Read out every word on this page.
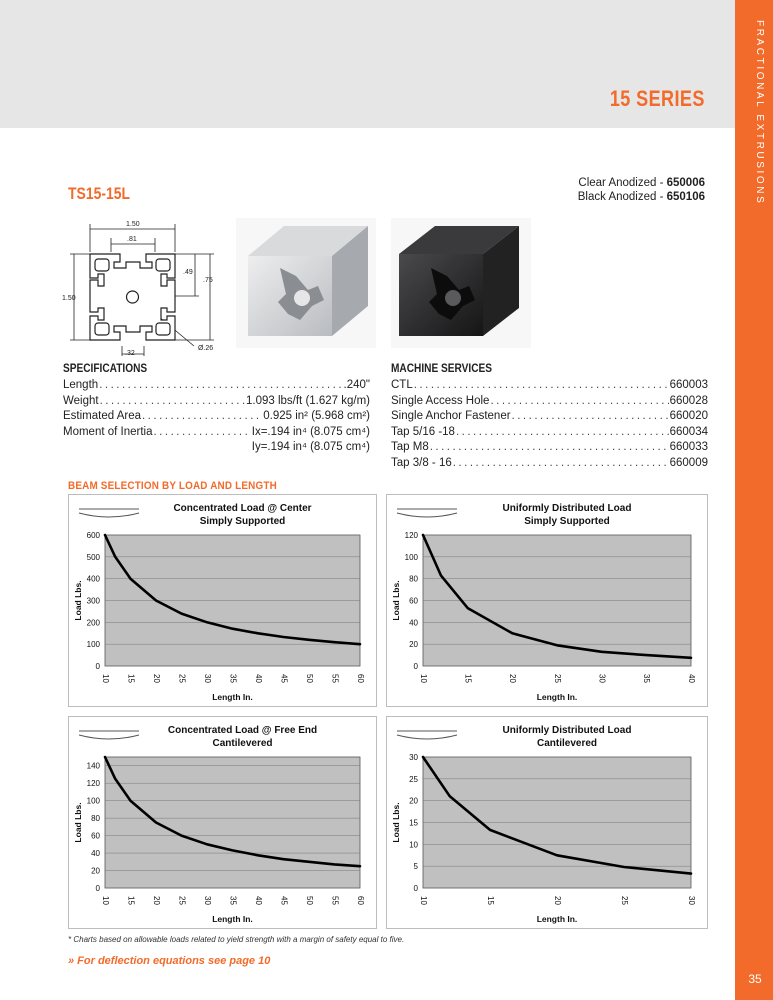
15 SERIES	FRACTIONAL EXTRUSIONS
35
TS15-15L
Clear Anodized - 650006
Black Anodized - 650106
1.50
.81
1.50
.49
.75
.32
Ø.26
SPECIFICATIONS
Length .....	.240"
Weight .....	1.093 lbs/ft (1.627 kg/m)
Estimated Area .....	0.925 in² (5.968 cm²)
Moment of Inertia .....	Ix=.194 in⁴ (8.075 cm⁴)
Iy=.194 in⁴ (8.075 cm⁴)
MACHINE SERVICES
CTL .....	660003
Single Access Hole .....	660028
Single Anchor Fastener .....	660020
Tap 5/16 -18 .....	660034
Tap M8 .....	660033
Tap 3/8 - 16 .....	660009
BEAM SELECTION BY LOAD AND LENGTH
Concentrated Load @ Center
Simply Supported
0
100
200
300
400
500
600
10 15 20 25 30 35 40 45 50 55 60
Length In.
Load Lbs.
Uniformly Distributed Load
Simply Supported
0
20
40
60
80
100
120
10	15	20	25	30	35	40
Length In.
Load Lbs.
Concentrated Load @ Free End
Cantilevered
0
20
40
60
80
100
120
140
10 15 20 25 30 35 40 45 50 55 60
Length In.
Load Lbs.
Uniformly Distributed Load
Cantilevered
0
5
10
15
20
25
30
10	15	20	25	30
Length In.
Load Lbs.
* Charts based on allowable loads related to yield strength with a margin of safety equal to five.
» For deflection equations see page 10
